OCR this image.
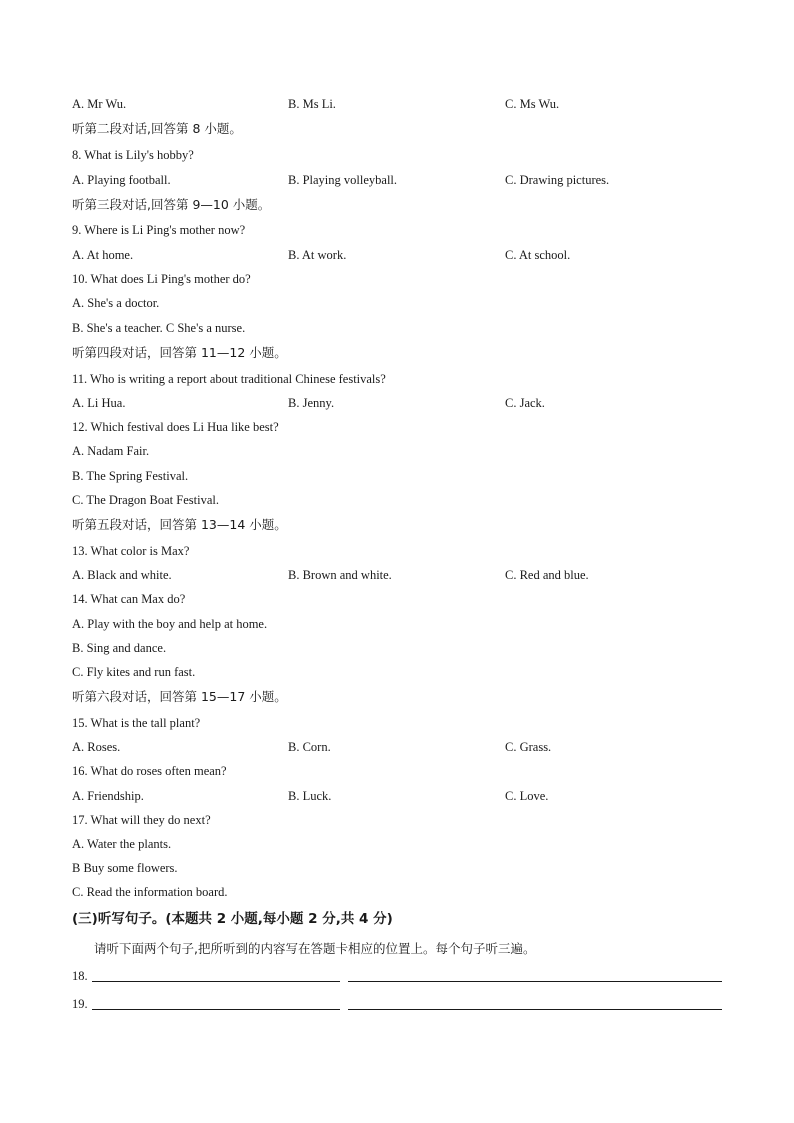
A. Mr Wu.	B. Ms Li.	C. Ms Wu.
听第二段对话,回答第 8 小题。
8. What is Lily's hobby?
A. Playing football.	B. Playing volleyball.	C. Drawing pictures.
听第三段对话,回答第 9—10 小题。
9. Where is Li Ping's mother now?
A. At home.	B. At work.	C. At school.
10. What does Li Ping's mother do?
A. She's a doctor.
B. She's a teacher. C She's a nurse.
听第四段对话，回答第 11—12 小题。
11. Who is writing a report about traditional Chinese festivals?
A. Li Hua.	B. Jenny.	C. Jack.
12. Which festival does Li Hua like best?
A. Nadam Fair.
B. The Spring Festival.
C. The Dragon Boat Festival.
听第五段对话，回答第 13—14 小题。
13. What color is Max?
A. Black and white.	B. Brown and white.	C. Red and blue.
14. What can Max do?
A. Play with the boy and help at home.
B. Sing and dance.
C. Fly kites and run fast.
听第六段对话，回答第 15—17 小题。
15. What is the tall plant?
A. Roses.	B. Corn.	C. Grass.
16. What do roses often mean?
A. Friendship.	B. Luck.	C. Love.
17. What will they do next?
A. Water the plants.
B Buy some flowers.
C. Read the information board.
(三)听写句子。(本题共 2 小题,每小题 2 分,共 4 分)
请听下面两个句子,把所听到的内容写在答题卡相应的位置上。每个句子听三遍。
18.
19.
